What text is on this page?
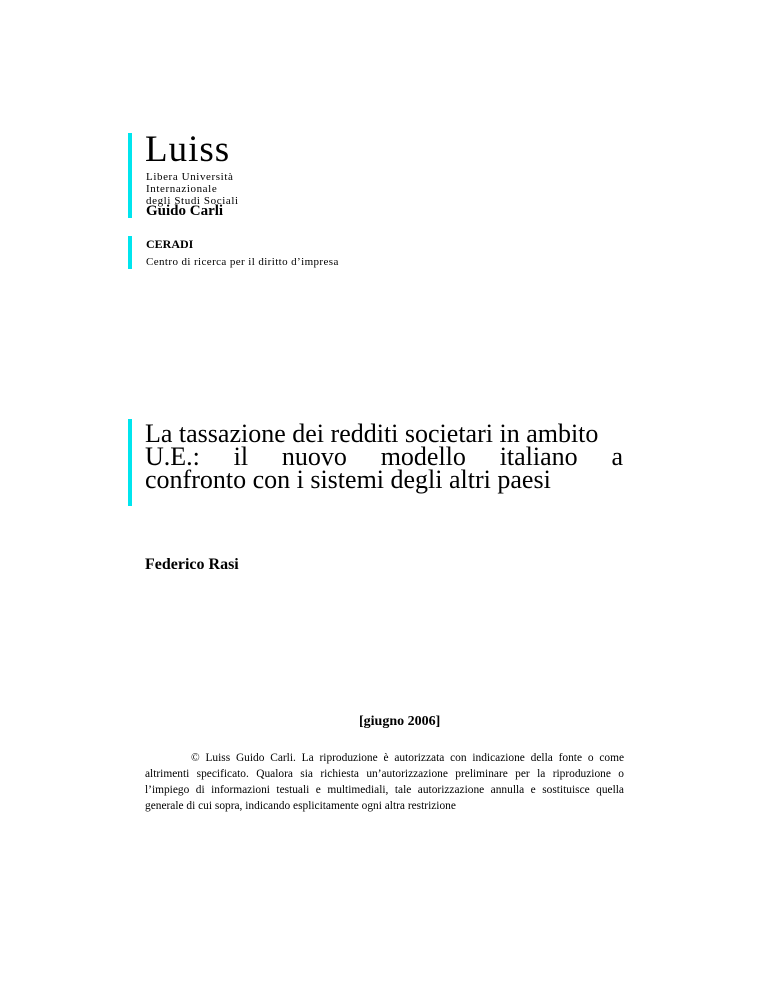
Luiss
Libera Università
Internazionale
degli Studi Sociali
Guido Carli
CERADI
Centro di ricerca per il diritto d’impresa
La tassazione dei redditi societari in ambito
U.E.: il nuovo modello italiano a
confronto con i sistemi degli altri paesi
Federico Rasi
[giugno 2006]
© Luiss Guido Carli. La riproduzione è autorizzata con indicazione della fonte o come altrimenti specificato. Qualora sia richiesta un’autorizzazione preliminare per la riproduzione o l’impiego di informazioni testuali e multimediali, tale autorizzazione annulla e sostituisce quella generale di cui sopra, indicando esplicitamente ogni altra restrizione
